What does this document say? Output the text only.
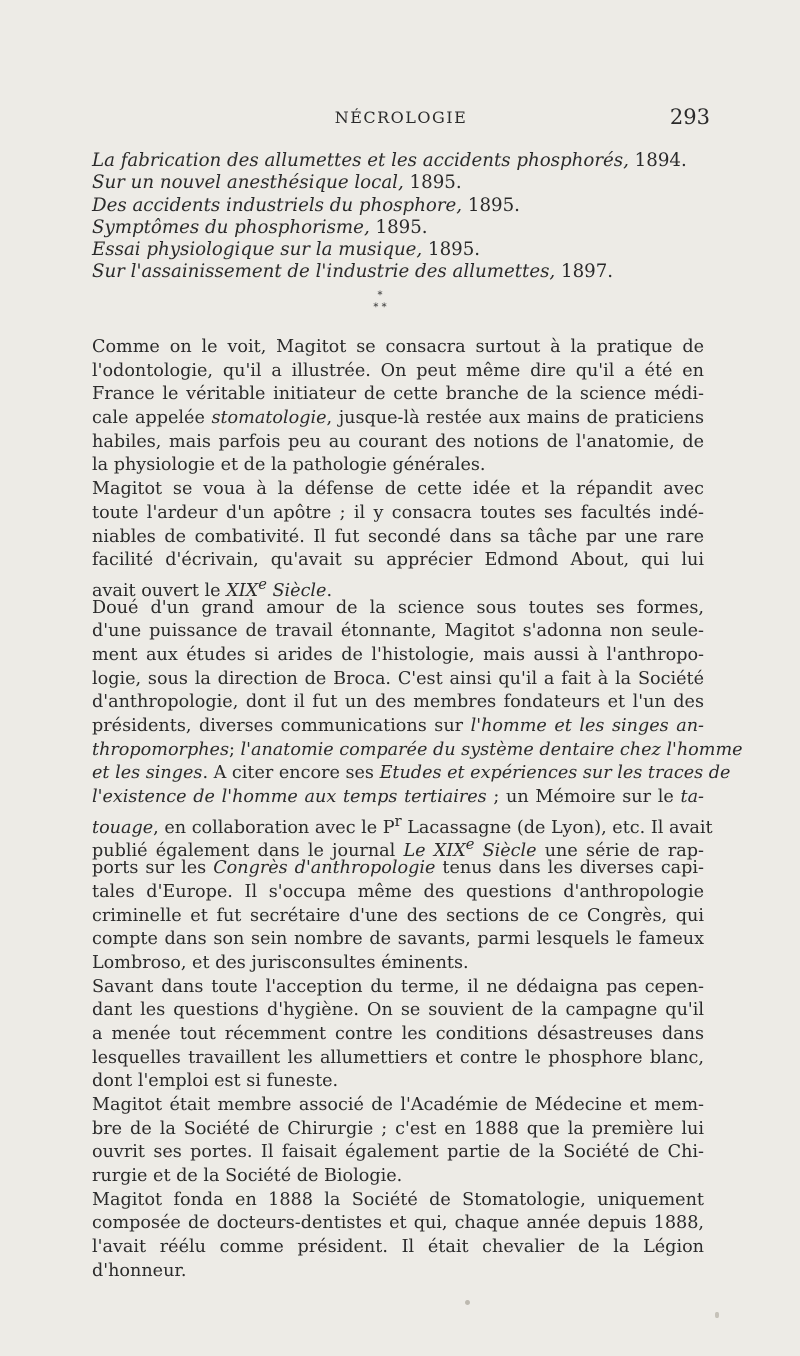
NÉCROLOGIE	293
La fabrication des allumettes et les accidents phosphorés, 1894.
Sur un nouvel anesthésique local, 1895.
Des accidents industriels du phosphore, 1895.
Symptômes du phosphorisme, 1895.
Essai physiologique sur la musique, 1895.
Sur l'assainissement de l'industrie des allumettes, 1897.
*
* *
Comme on le voit, Magitot se consacra surtout à la pratique de
l'odontologie, qu'il a illustrée. On peut même dire qu'il a été en
France le véritable initiateur de cette branche de la science médi-
cale appelée stomatologie, jusque-là restée aux mains de praticiens
habiles, mais parfois peu au courant des notions de l'anatomie, de
la physiologie et de la pathologie générales.
Magitot se voua à la défense de cette idée et la répandit avec
toute l'ardeur d'un apôtre ; il y consacra toutes ses facultés indé-
niables de combativité. Il fut secondé dans sa tâche par une rare
facilité d'écrivain, qu'avait su apprécier Edmond About, qui lui
avait ouvert le XIXe Siècle.
Doué d'un grand amour de la science sous toutes ses formes,
d'une puissance de travail étonnante, Magitot s'adonna non seule-
ment aux études si arides de l'histologie, mais aussi à l'anthropo-
logie, sous la direction de Broca. C'est ainsi qu'il a fait à la Société
d'anthropologie, dont il fut un des membres fondateurs et l'un des
présidents, diverses communications sur l'homme et les singes an-
thropomorphes; l'anatomie comparée du système dentaire chez l'homme
et les singes. A citer encore ses Etudes et expériences sur les traces de
l'existence de l'homme aux temps tertiaires ; un Mémoire sur le ta-
touage, en collaboration avec le $P^r$ Lacassagne (de Lyon), etc. Il avait
publié également dans le journal Le XIXe Siècle une série de rap-
ports sur les Congrès d'anthropologie tenus dans les diverses capi-
tales d'Europe. Il s'occupa même des questions d'anthropologie
criminelle et fut secrétaire d'une des sections de ce Congrès, qui
compte dans son sein nombre de savants, parmi lesquels le fameux
Lombroso, et des jurisconsultes éminents.
Savant dans toute l'acception du terme, il ne dédaigna pas cepen-
dant les questions d'hygiène. On se souvient de la campagne qu'il
a menée tout récemment contre les conditions désastreuses dans
lesquelles travaillent les allumettiers et contre le phosphore blanc,
dont l'emploi est si funeste.
Magitot était membre associé de l'Académie de Médecine et mem-
bre de la Société de Chirurgie ; c'est en 1888 que la première lui
ouvrit ses portes. Il faisait également partie de la Société de Chi-
rurgie et de la Société de Biologie.
Magitot fonda en 1888 la Société de Stomatologie, uniquement
composée de docteurs-dentistes et qui, chaque année depuis 1888,
l'avait réélu comme président. Il était chevalier de la Légion
d'honneur.
